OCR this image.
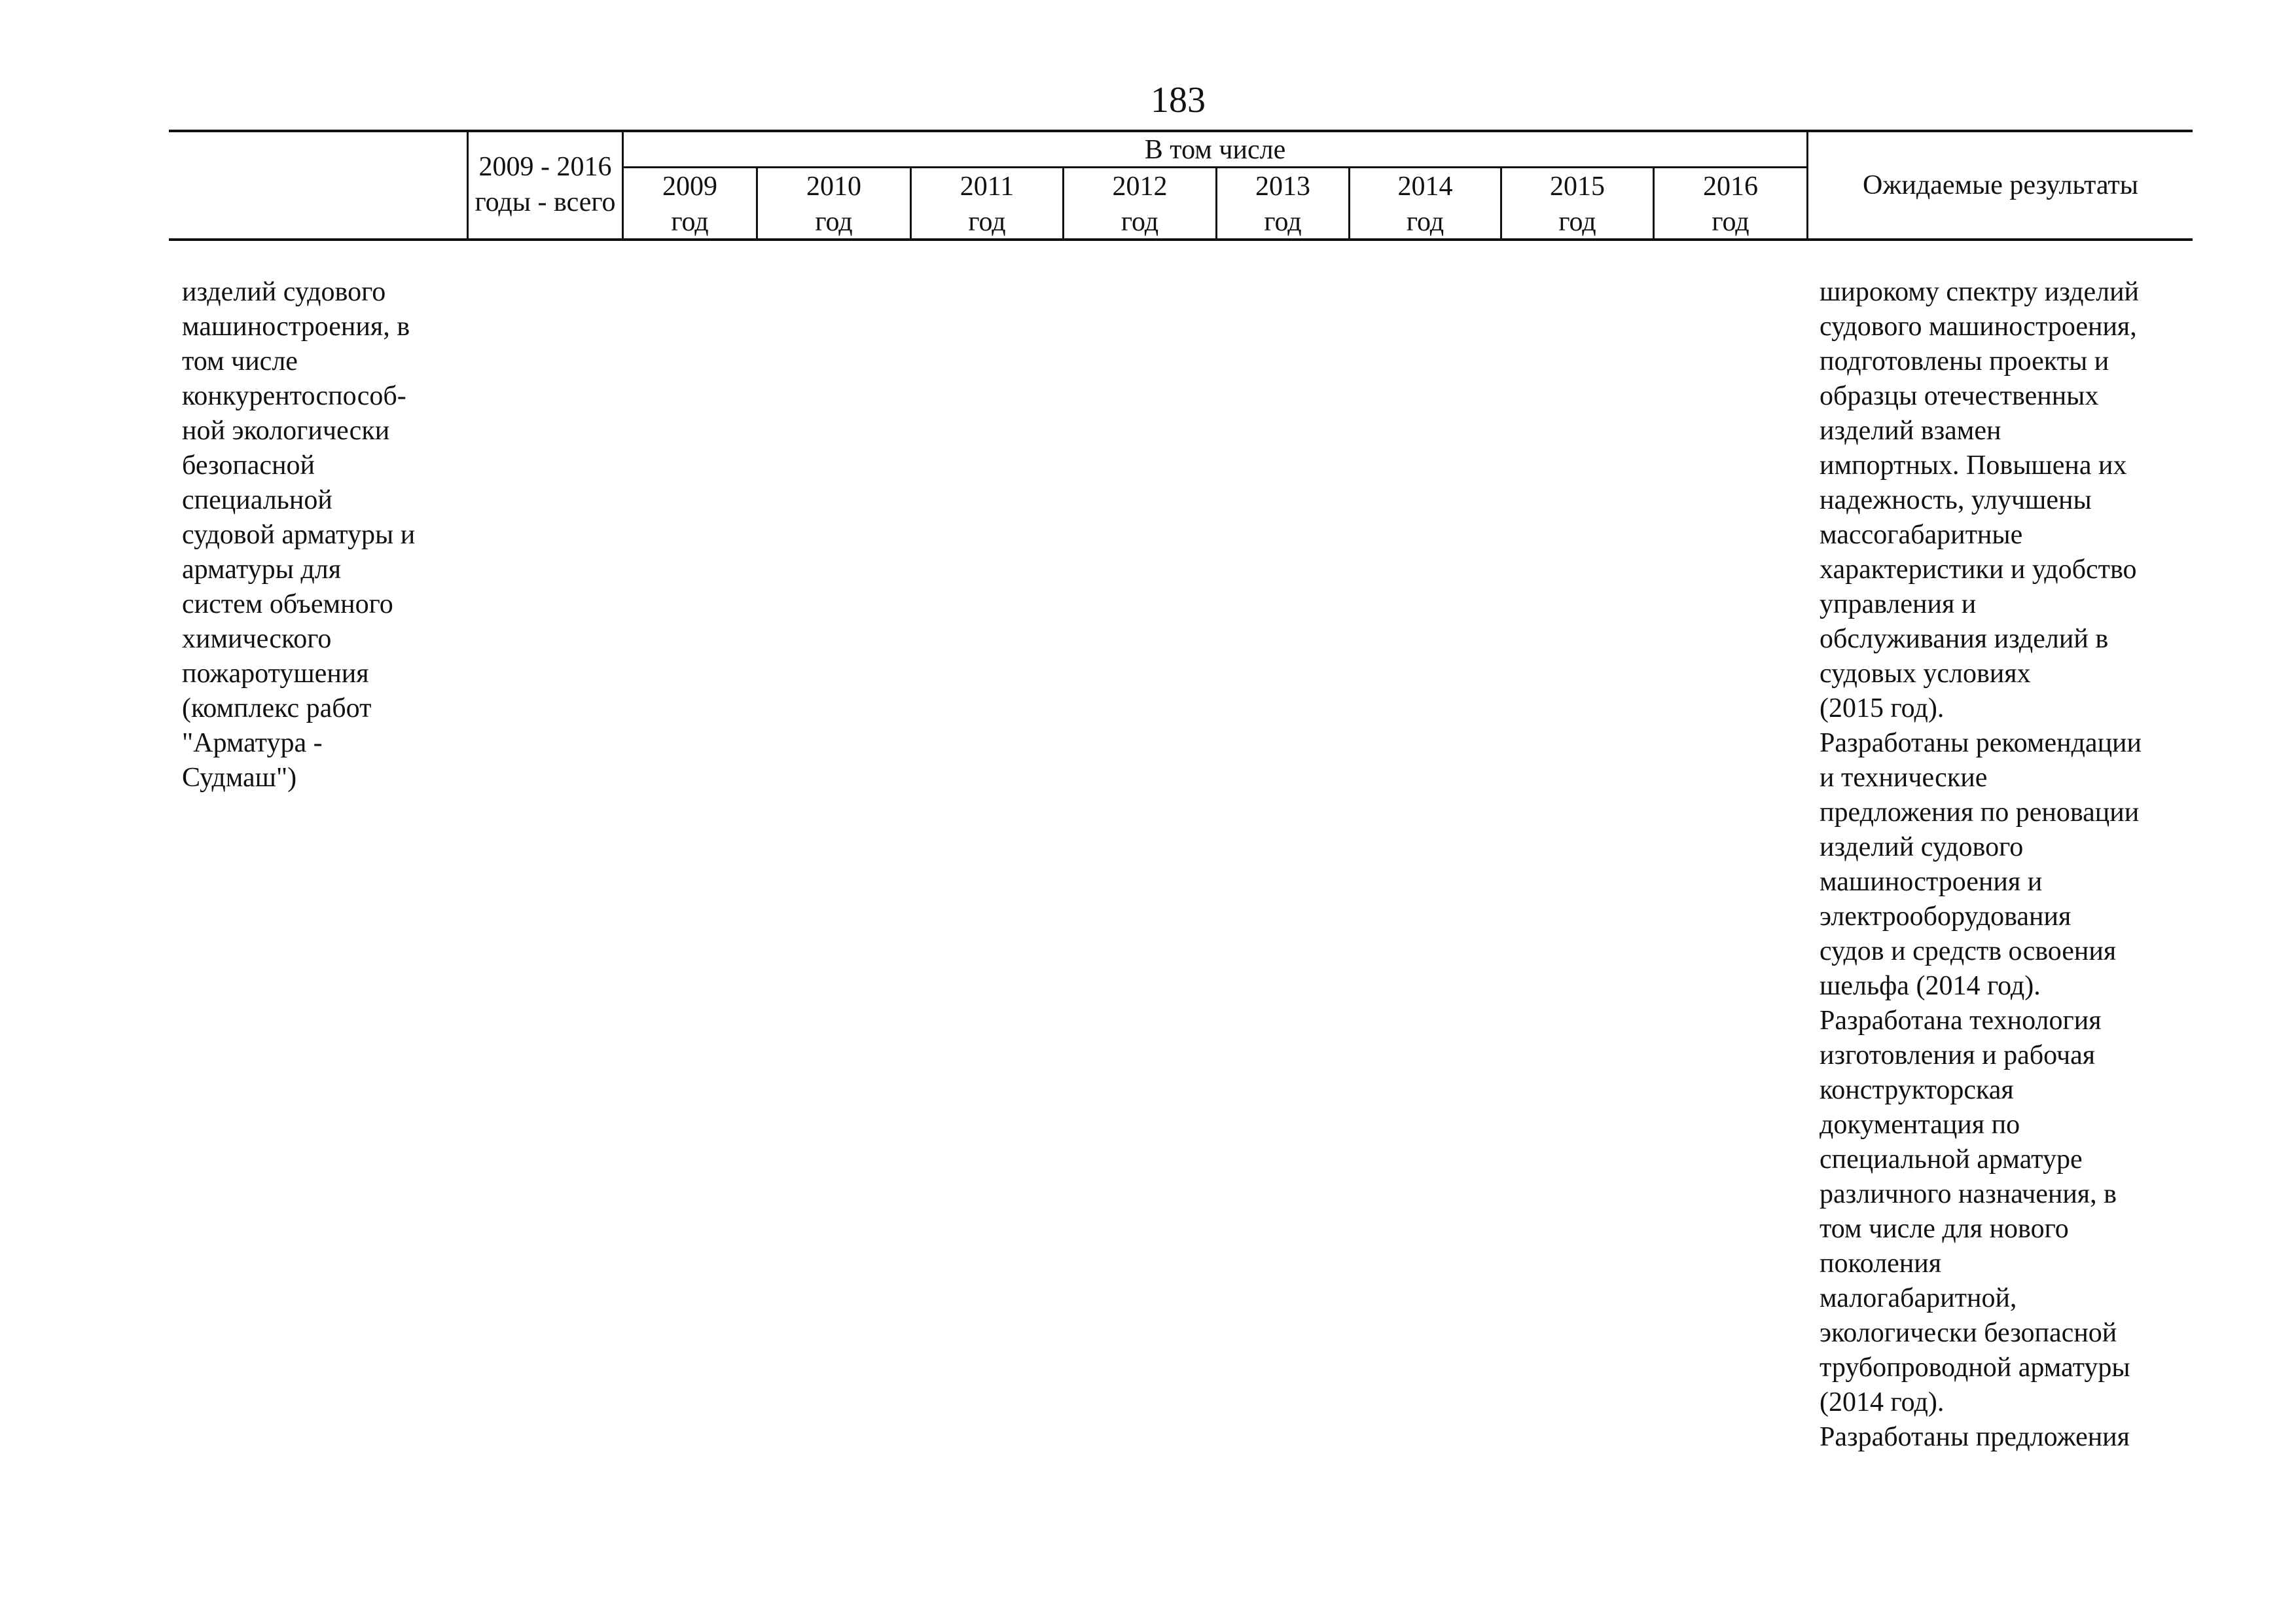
183
2009 - 2016
годы - всего
В том числе
2009
год
2010
год
2011
год
2012
год
2013
год
2014
год
2015
год
2016
год
Ожидаемые результаты
изделий судового
машиностроения, в
том числе
конкурентоспособ-
ной экологически
безопасной
специальной
судовой арматуры и
арматуры для
систем объемного
химического
пожаротушения
(комплекс работ
"Арматура -
Судмаш")
широкому спектру изделий
судового машиностроения,
подготовлены проекты и
образцы отечественных
изделий взамен
импортных. Повышена их
надежность, улучшены
массогабаритные
характеристики и удобство
управления и
обслуживания изделий в
судовых условиях
(2015 год).
Разработаны рекомендации
и технические
предложения по реновации
изделий судового
машиностроения и
электрооборудования
судов и средств освоения
шельфа (2014 год).
Разработана технология
изготовления и рабочая
конструкторская
документация по
специальной арматуре
различного назначения, в
том числе для нового
поколения
малогабаритной,
экологически безопасной
трубопроводной арматуры
(2014 год).
Разработаны предложения
